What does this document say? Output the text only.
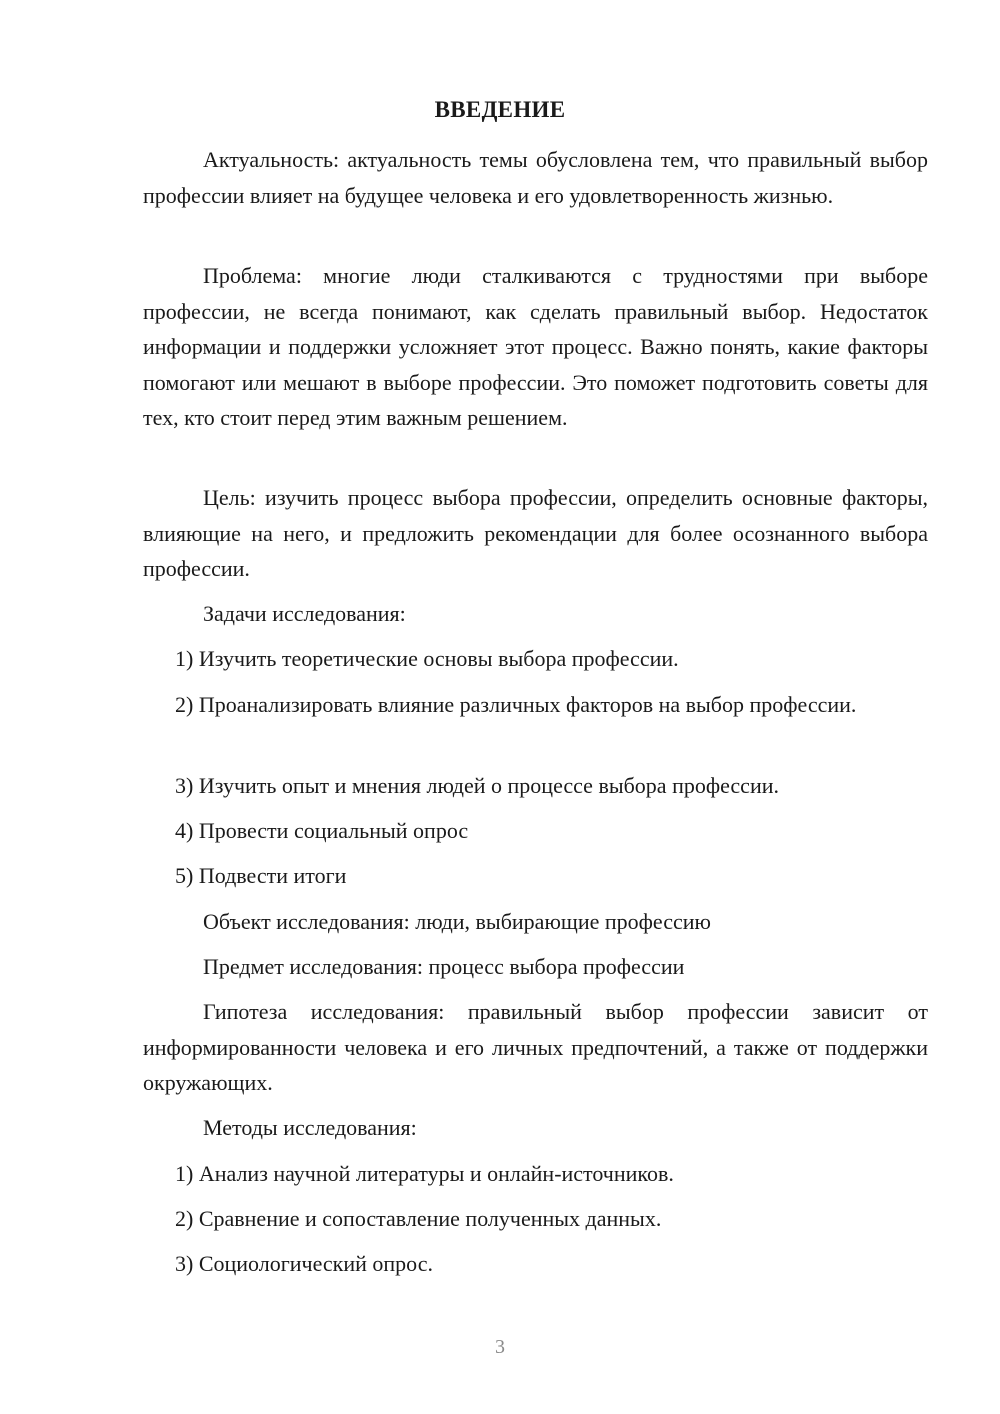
ВВЕДЕНИЕ
Актуальность: актуальность темы обусловлена тем, что правильный выбор профессии влияет на будущее человека и его удовлетворенность жизнью.
Проблема: многие люди сталкиваются с трудностями при выборе профессии, не всегда понимают, как сделать правильный выбор. Недостаток информации и поддержки усложняет этот процесс. Важно понять, какие факторы помогают или мешают в выборе профессии. Это поможет подготовить советы для тех, кто стоит перед этим важным решением.
Цель: изучить процесс выбора профессии, определить основные факторы, влияющие на него, и предложить рекомендации для более осознанного выбора профессии.
Задачи исследования:
1) Изучить теоретические основы выбора профессии.
2) Проанализировать влияние различных факторов на выбор профессии.
3) Изучить опыт и мнения людей о процессе выбора профессии.
4) Провести социальный опрос
5) Подвести итоги
Объект исследования: люди, выбирающие профессию
Предмет исследования: процесс выбора профессии
Гипотеза исследования: правильный выбор профессии зависит от информированности человека и его личных предпочтений, а также от поддержки окружающих.
Методы исследования:
1) Анализ научной литературы и онлайн-источников.
2) Сравнение и сопоставление полученных данных.
3) Социологический опрос.
3
